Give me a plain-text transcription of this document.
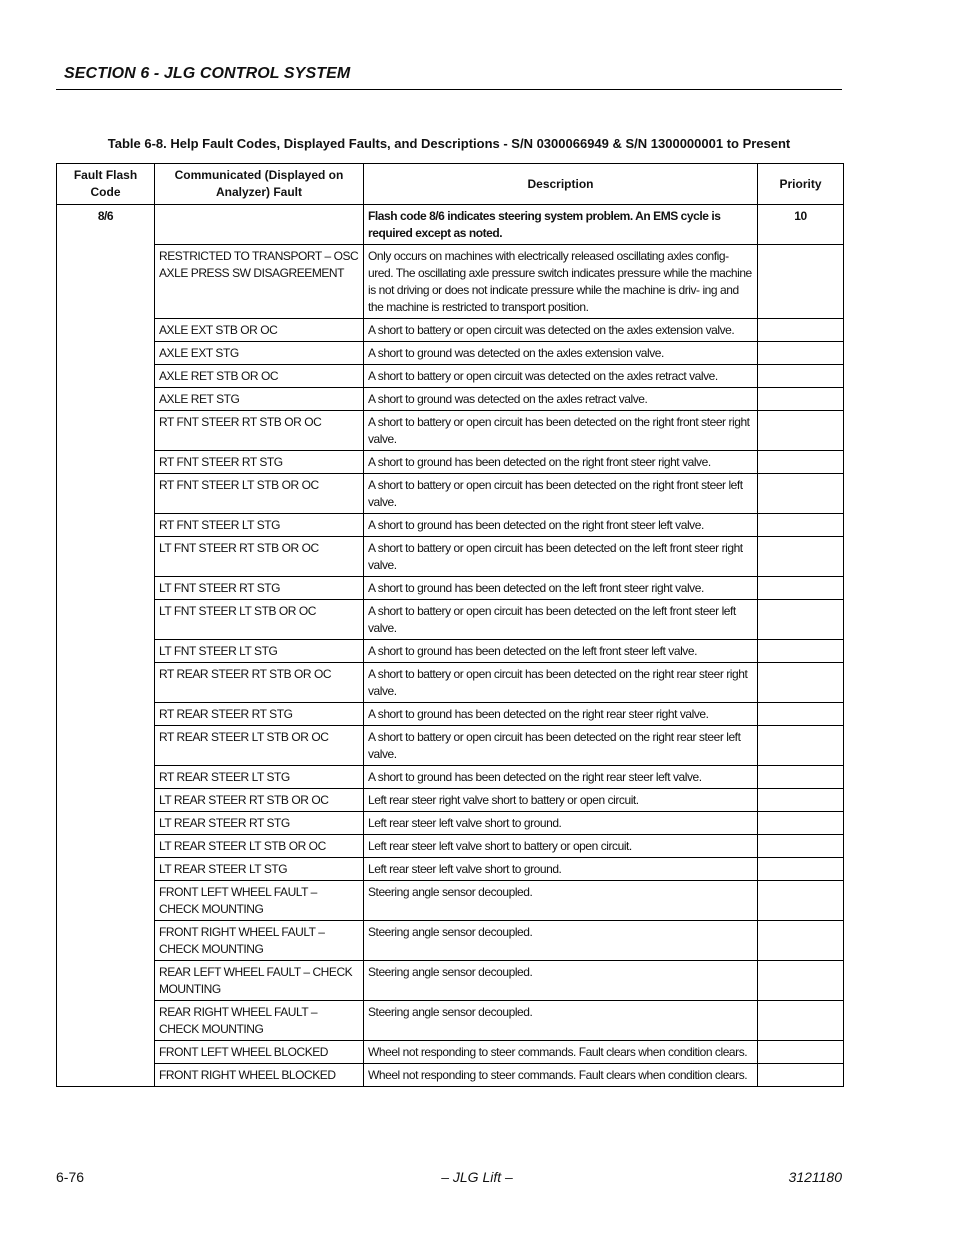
SECTION 6 - JLG CONTROL SYSTEM
Table 6-8. Help Fault Codes, Displayed Faults, and Descriptions - S/N 0300066949 & S/N 1300000001 to Present
Fault Flash Code	Communicated (Displayed on Analyzer) Fault	Description	Priority
8/6		Flash code 8/6 indicates steering system problem. An EMS cycle is required except as noted.	10
	RESTRICTED TO TRANSPORT – OSC AXLE PRESS SW DISAGREEMENT	Only occurs on machines with electrically released oscillating axles config- ured. The oscillating axle pressure switch indicates pressure while the machine is not driving or does not indicate pressure while the machine is driv- ing and the machine is restricted to transport position.	
	AXLE EXT STB OR OC	A short to battery or open circuit was detected on the axles extension valve.	
	AXLE EXT STG	A short to ground was detected on the axles extension valve.	
	AXLE RET STB OR OC	A short to battery or open circuit was detected on the axles retract valve.	
	AXLE RET STG	A short to ground was detected on the axles retract valve.	
	RT FNT STEER RT STB OR OC	A short to battery or open circuit has been detected on the right front steer right valve.	
	RT FNT STEER RT STG	A short to ground has been detected on the right front steer right valve.	
	RT FNT STEER LT STB OR OC	A short to battery or open circuit has been detected on the right front steer left valve.	
	RT FNT STEER LT STG	A short to ground has been detected on the right front steer left valve.	
	LT FNT STEER RT STB OR OC	A short to battery or open circuit has been detected on the left front steer right valve.	
	LT FNT STEER RT STG	A short to ground has been detected on the left front steer right valve.	
	LT FNT STEER LT STB OR OC	A short to battery or open circuit has been detected on the left front steer left valve.	
	LT FNT STEER LT STG	A short to ground has been detected on the left front steer left valve.	
	RT REAR STEER RT STB OR OC	A short to battery or open circuit has been detected on the right rear steer right valve.	
	RT REAR STEER RT STG	A short to ground has been detected on the right rear steer right valve.	
	RT REAR STEER LT STB OR OC	A short to battery or open circuit has been detected on the right rear steer left valve.	
	RT REAR STEER LT STG	A short to ground has been detected on the right rear steer left valve.	
	LT REAR STEER RT STB OR OC	Left rear steer right valve short to battery or open circuit.	
	LT REAR STEER RT STG	Left rear steer left valve short to ground.	
	LT REAR STEER LT STB OR OC	Left rear steer left valve short to battery or open circuit.	
	LT REAR STEER LT STG	Left rear steer left valve short to ground.	
	FRONT LEFT WHEEL FAULT – CHECK MOUNTING	Steering angle sensor decoupled.	
	FRONT RIGHT WHEEL FAULT – CHECK MOUNTING	Steering angle sensor decoupled.	
	REAR LEFT WHEEL FAULT – CHECK MOUNTING	Steering angle sensor decoupled.	
	REAR RIGHT WHEEL FAULT – CHECK MOUNTING	Steering angle sensor decoupled.	
	FRONT LEFT WHEEL BLOCKED	Wheel not responding to steer commands. Fault clears when condition clears.	
	FRONT RIGHT WHEEL BLOCKED	Wheel not responding to steer commands. Fault clears when condition clears.	
6-76	– JLG Lift –	3121180
